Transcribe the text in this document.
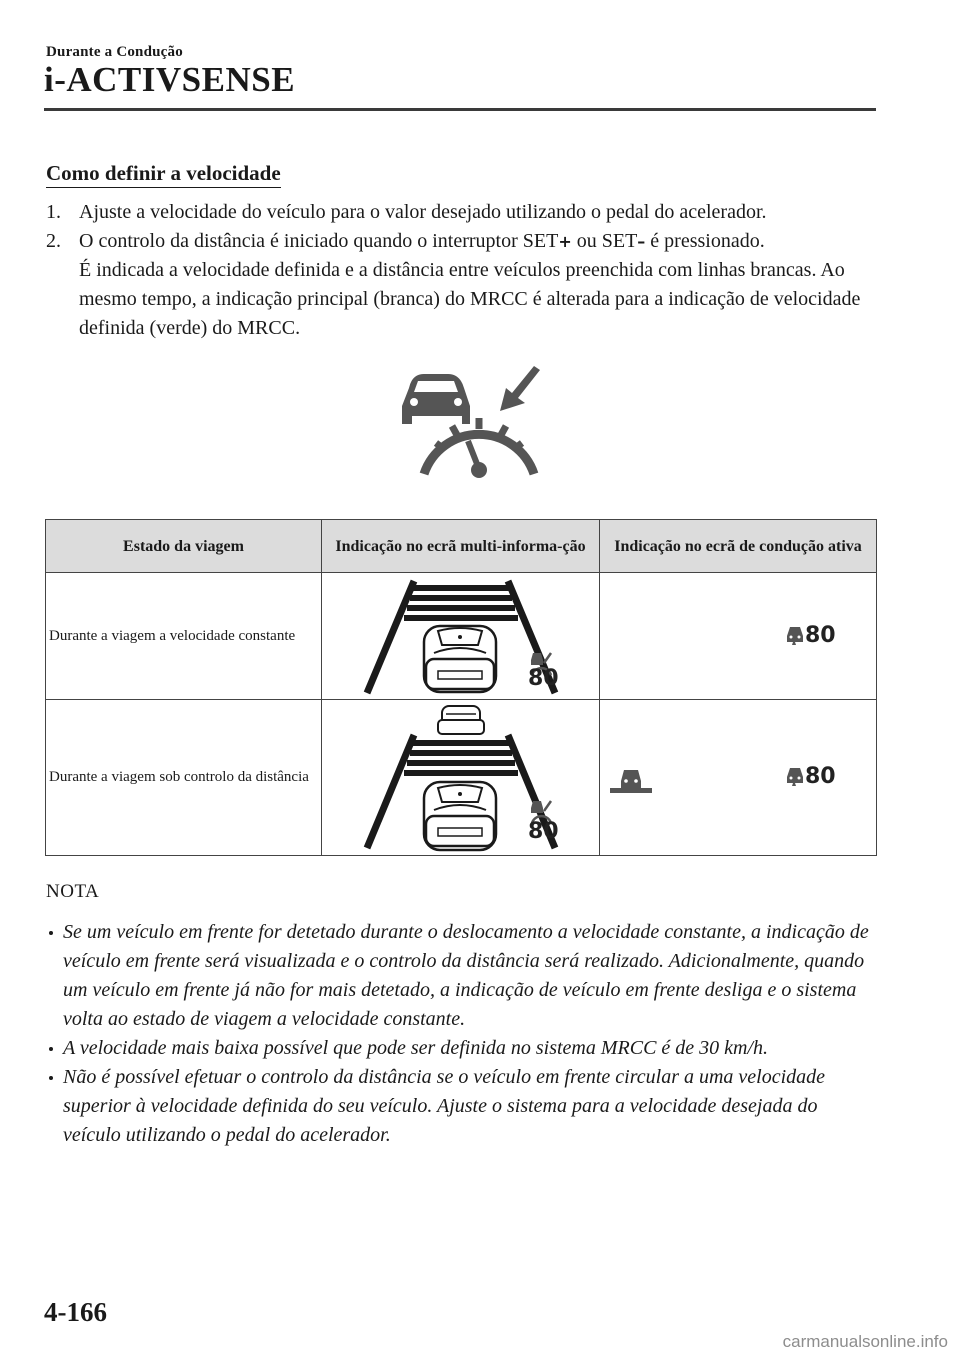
Durante a Condução
i-ACTIVSENSE
Como definir a velocidade
1. Ajuste a velocidade do veículo para o valor desejado utilizando o pedal do acelerador.
2. O controlo da distância é iniciado quando o interruptor SET+ ou SET– é pressionado.
É indicada a velocidade definida e a distância entre veículos preenchida com linhas brancas. Ao mesmo tempo, a indicação principal (branca) do MRCC é alterada para a indicação de velocidade definida (verde) do MRCC.
Estado da viagem	Indicação no ecrã multi-informa-ção	Indicação no ecrã de condução ativa
Durante a viagem a velocidade constante	80	80

Durante a viagem sob controlo da distância	80	80
NOTA
Se um veículo em frente for detetado durante o deslocamento a velocidade constante, a indicação de veículo em frente será visualizada e o controlo da distância será realizado. Adicionalmente, quando um veículo em frente já não for mais detetado, a indicação de veículo em frente desliga e o sistema volta ao estado de viagem a velocidade constante.
A velocidade mais baixa possível que pode ser definida no sistema MRCC é de 30 km/h.
Não é possível efetuar o controlo da distância se o veículo em frente circular a uma velocidade superior à velocidade definida do seu veículo. Ajuste o sistema para a velocidade desejada do veículo utilizando o pedal do acelerador.
4-166
carmanualsonline.info
